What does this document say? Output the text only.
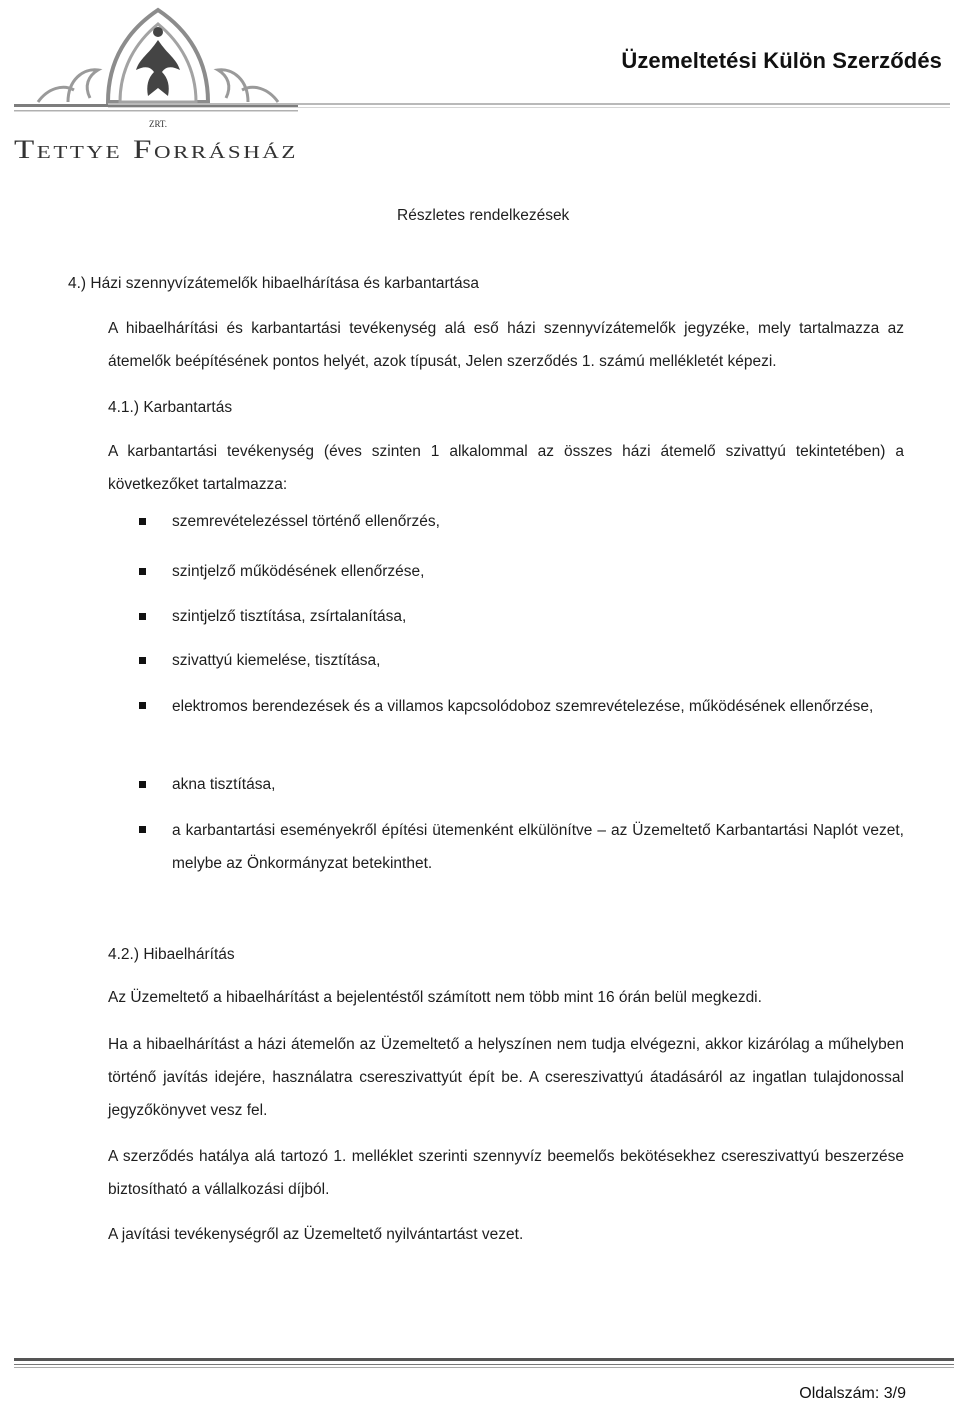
ZRT.
Tettye Forrásház
Üzemeltetési Külön Szerződés
Részletes rendelkezések
4.) Házi szennyvízátemelők hibaelhárítása és karbantartása
A hibaelhárítási és karbantartási tevékenység alá eső házi szennyvízátemelők jegyzéke, mely tartalmazza az átemelők beépítésének pontos helyét, azok típusát, Jelen szerződés 1. számú mellékletét képezi.
4.1.) Karbantartás
A karbantartási tevékenység (éves szinten 1 alkalommal az összes házi átemelő szivattyú tekintetében) a következőket tartalmazza:
szemrevételezéssel történő ellenőrzés,
szintjelző működésének ellenőrzése,
szintjelző tisztítása, zsírtalanítása,
szivattyú kiemelése, tisztítása,
elektromos berendezések és a villamos kapcsolódoboz szemrevételezése, működésének ellenőrzése,
akna tisztítása,
a karbantartási eseményekről építési ütemenként elkülönítve – az Üzemeltető Karbantartási Naplót vezet, melybe az Önkormányzat betekinthet.
4.2.) Hibaelhárítás
Az Üzemeltető a hibaelhárítást a bejelentéstől számított nem több mint 16 órán belül megkezdi.
Ha a hibaelhárítást a házi átemelőn az Üzemeltető a helyszínen nem tudja elvégezni, akkor kizárólag a műhelyben történő javítás idejére, használatra csereszivattyút épít be. A csereszivattyú átadásáról az ingatlan tulajdonossal jegyzőkönyvet vesz fel.
A szerződés hatálya alá tartozó 1. melléklet szerinti szennyvíz beemelős bekötésekhez csereszivattyú beszerzése biztosítható a vállalkozási díjból.
A javítási tevékenységről az Üzemeltető nyilvántartást vezet.
Oldalszám: 3/9
